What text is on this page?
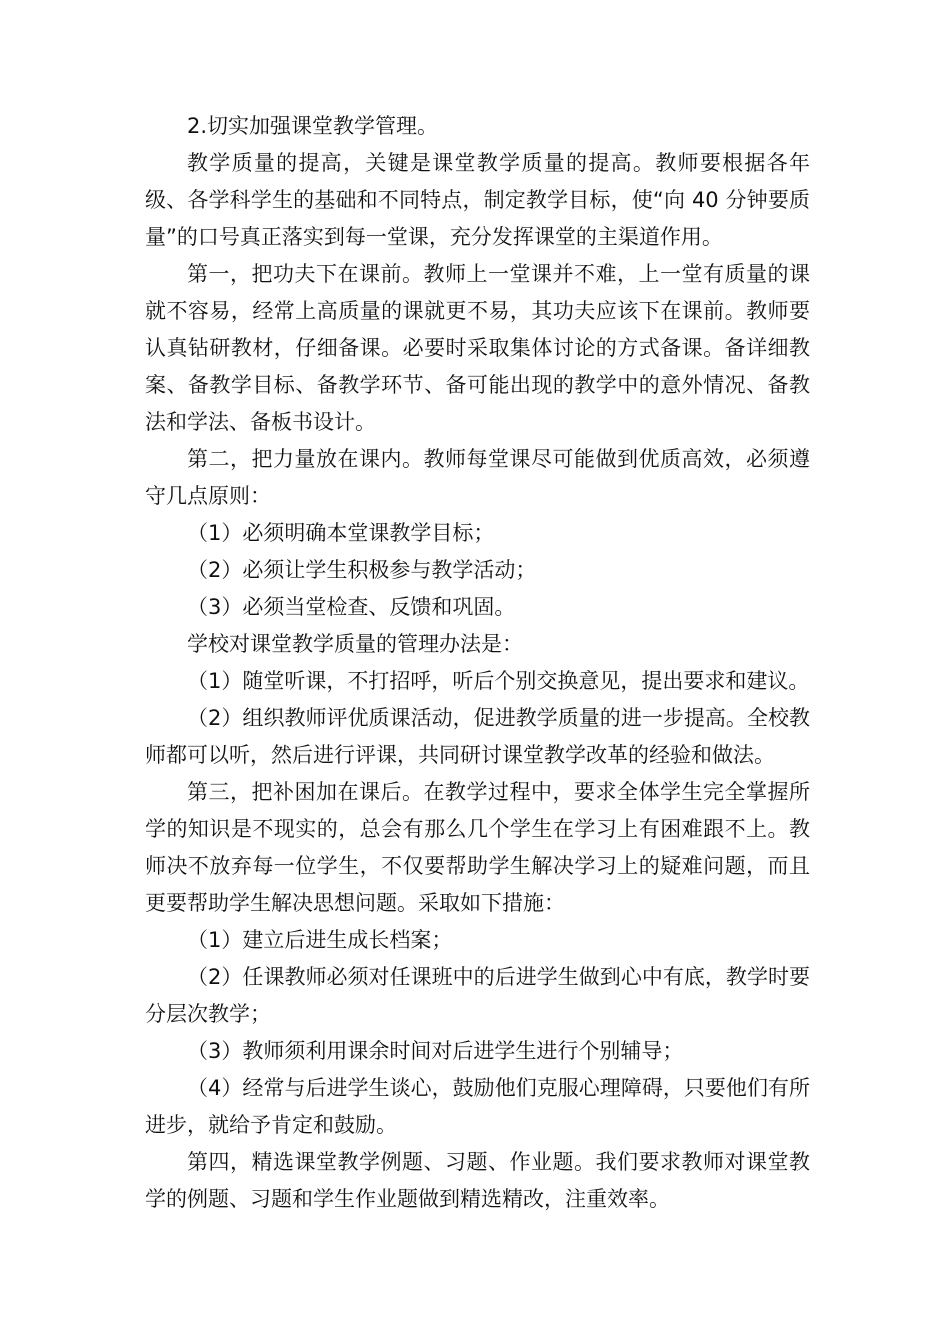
2.切实加强课堂教学管理。

教学质量的提高，关键是课堂教学质量的提高。教师要根据各年级、各学科学生的基础和不同特点，制定教学目标，使“向 40 分钟要质量”的口号真正落实到每一堂课，充分发挥课堂的主渠道作用。

第一，把功夫下在课前。教师上一堂课并不难，上一堂有质量的课就不容易，经常上高质量的课就更不易，其功夫应该下在课前。教师要认真钻研教材，仔细备课。必要时采取集体讨论的方式备课。备详细教案、备教学目标、备教学环节、备可能出现的教学中的意外情况、备教法和学法、备板书设计。

第二，把力量放在课内。教师每堂课尽可能做到优质高效，必须遵守几点原则：

（1）必须明确本堂课教学目标；

（2）必须让学生积极参与教学活动；

（3）必须当堂检查、反馈和巩固。

学校对课堂教学质量的管理办法是：

（1）随堂听课，不打招呼，听后个别交换意见，提出要求和建议。

（2）组织教师评优质课活动，促进教学质量的进一步提高。全校教师都可以听，然后进行评课，共同研讨课堂教学改革的经验和做法。

第三，把补困加在课后。在教学过程中，要求全体学生完全掌握所学的知识是不现实的，总会有那么几个学生在学习上有困难跟不上。教师决不放弃每一位学生，不仅要帮助学生解决学习上的疑难问题，而且更要帮助学生解决思想问题。采取如下措施：

（1）建立后进生成长档案；

（2）任课教师必须对任课班中的后进学生做到心中有底，教学时要分层次教学；

（3）教师须利用课余时间对后进学生进行个别辅导；

（4）经常与后进学生谈心，鼓励他们克服心理障碍，只要他们有所进步，就给予肯定和鼓励。

第四，精选课堂教学例题、习题、作业题。我们要求教师对课堂教学的例题、习题和学生作业题做到精选精改，注重效率。
